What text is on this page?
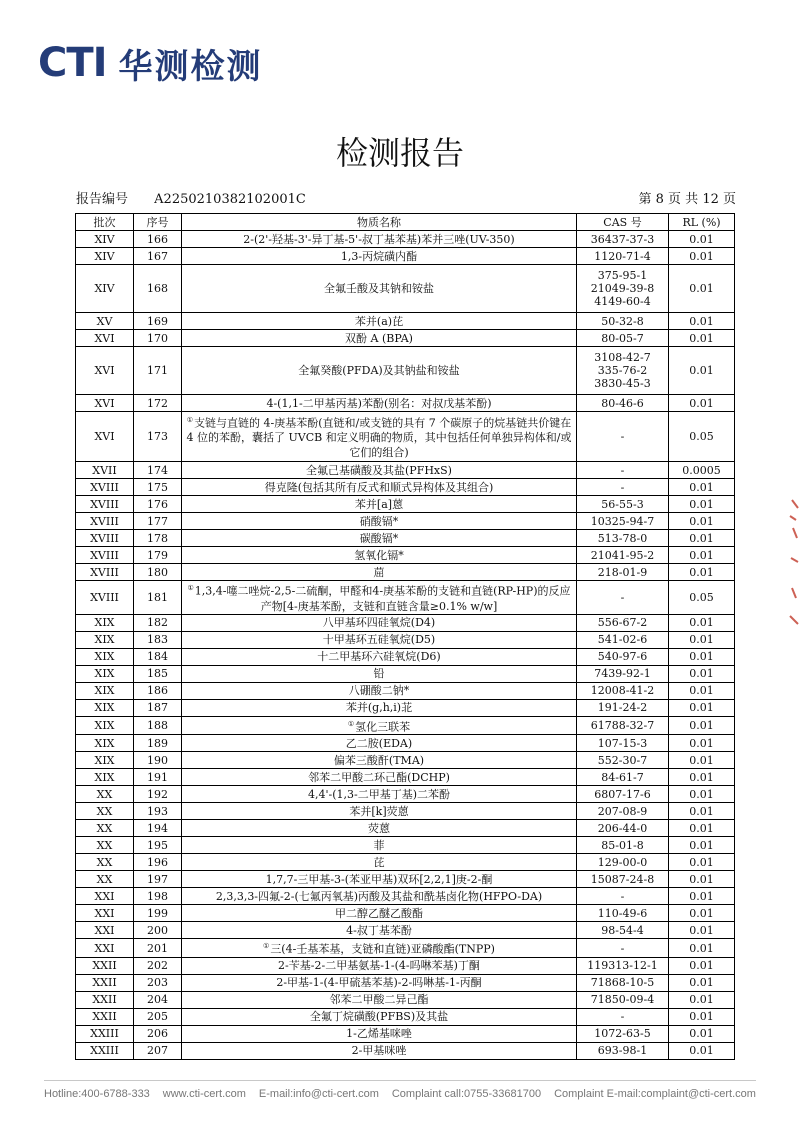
CTI 华测检测
检测报告
报告编号 A2250210382102001C	第 8 页 共 12 页
批次	序号	物质名称	CAS 号	RL (%)
XIV	166	2-(2'-羟基-3'-异丁基-5'-叔丁基苯基)苯并三唑(UV-350)	36437-37-3	0.01
XIV	167	1,3-丙烷磺内酯	1120-71-4	0.01
XIV	168	全氟壬酸及其钠和铵盐	375-95-1
21049-39-8
4149-60-4	0.01
XV	169	苯并(a)芘	50-32-8	0.01
XVI	170	双酚 A (BPA)	80-05-7	0.01
XVI	171	全氟癸酸(PFDA)及其钠盐和铵盐	3108-42-7
335-76-2
3830-45-3	0.01
XVI	172	4-(1,1-二甲基丙基)苯酚(别名：对叔戊基苯酚)	80-46-6	0.01
XVI	173	①支链与直链的 4-庚基苯酚(直链和/或支链的具有 7 个碳原子的烷基链共价键在 4 位的苯酚，囊括了 UVCB 和定义明确的物质，其中包括任何单独异构体和/或它们的组合)	-	0.05
XVII	174	全氟己基磺酸及其盐(PFHxS)	-	0.0005
XVIII	175	得克隆(包括其所有反式和顺式异构体及其组合)	-	0.01
XVIII	176	苯并[a]蒽	56-55-3	0.01
XVIII	177	硝酸镉*	10325-94-7	0.01
XVIII	178	碳酸镉*	513-78-0	0.01
XVIII	179	氢氧化镉*	21041-95-2	0.01
XVIII	180	䓛	218-01-9	0.01
XVIII	181	①1,3,4-噻二唑烷-2,5-二硫酮，甲醛和4-庚基苯酚的支链和直链(RP-HP)的反应产物[4-庚基苯酚，支链和直链含量≥0.1% w/w]	-	0.05
XIX	182	八甲基环四硅氧烷(D4)	556-67-2	0.01
XIX	183	十甲基环五硅氧烷(D5)	541-02-6	0.01
XIX	184	十二甲基环六硅氧烷(D6)	540-97-6	0.01
XIX	185	铅	7439-92-1	0.01
XIX	186	八硼酸二钠*	12008-41-2	0.01
XIX	187	苯并(g,h,i)苝	191-24-2	0.01
XIX	188	①氢化三联苯	61788-32-7	0.01
XIX	189	乙二胺(EDA)	107-15-3	0.01
XIX	190	偏苯三酸酐(TMA)	552-30-7	0.01
XIX	191	邻苯二甲酸二环己酯(DCHP)	84-61-7	0.01
XX	192	4,4'-(1,3-二甲基丁基)二苯酚	6807-17-6	0.01
XX	193	苯并[k]荧蒽	207-08-9	0.01
XX	194	荧蒽	206-44-0	0.01
XX	195	菲	85-01-8	0.01
XX	196	芘	129-00-0	0.01
XX	197	1,7,7-三甲基-3-(苯亚甲基)双环[2,2,1]庚-2-酮	15087-24-8	0.01
XXI	198	2,3,3,3-四氟-2-(七氟丙氧基)丙酸及其盐和酰基卤化物(HFPO-DA)	-	0.01
XXI	199	甲二醇乙醚乙酸酯	110-49-6	0.01
XXI	200	4-叔丁基苯酚	98-54-4	0.01
XXI	201	①三(4-壬基苯基，支链和直链)亚磷酸酯(TNPP)	-	0.01
XXII	202	2-苄基-2-二甲基氨基-1-(4-吗啉苯基)丁酮	119313-12-1	0.01
XXII	203	2-甲基-1-(4-甲硫基苯基)-2-吗啉基-1-丙酮	71868-10-5	0.01
XXII	204	邻苯二甲酸二异己酯	71850-09-4	0.01
XXII	205	全氟丁烷磺酸(PFBS)及其盐	-	0.01
XXIII	206	1-乙烯基咪唑	1072-63-5	0.01
XXIII	207	2-甲基咪唑	693-98-1	0.01
Hotline:400-6788-333 www.cti-cert.com E-mail:info@cti-cert.com Complaint call:0755-33681700 Complaint E-mail:complaint@cti-cert.com
